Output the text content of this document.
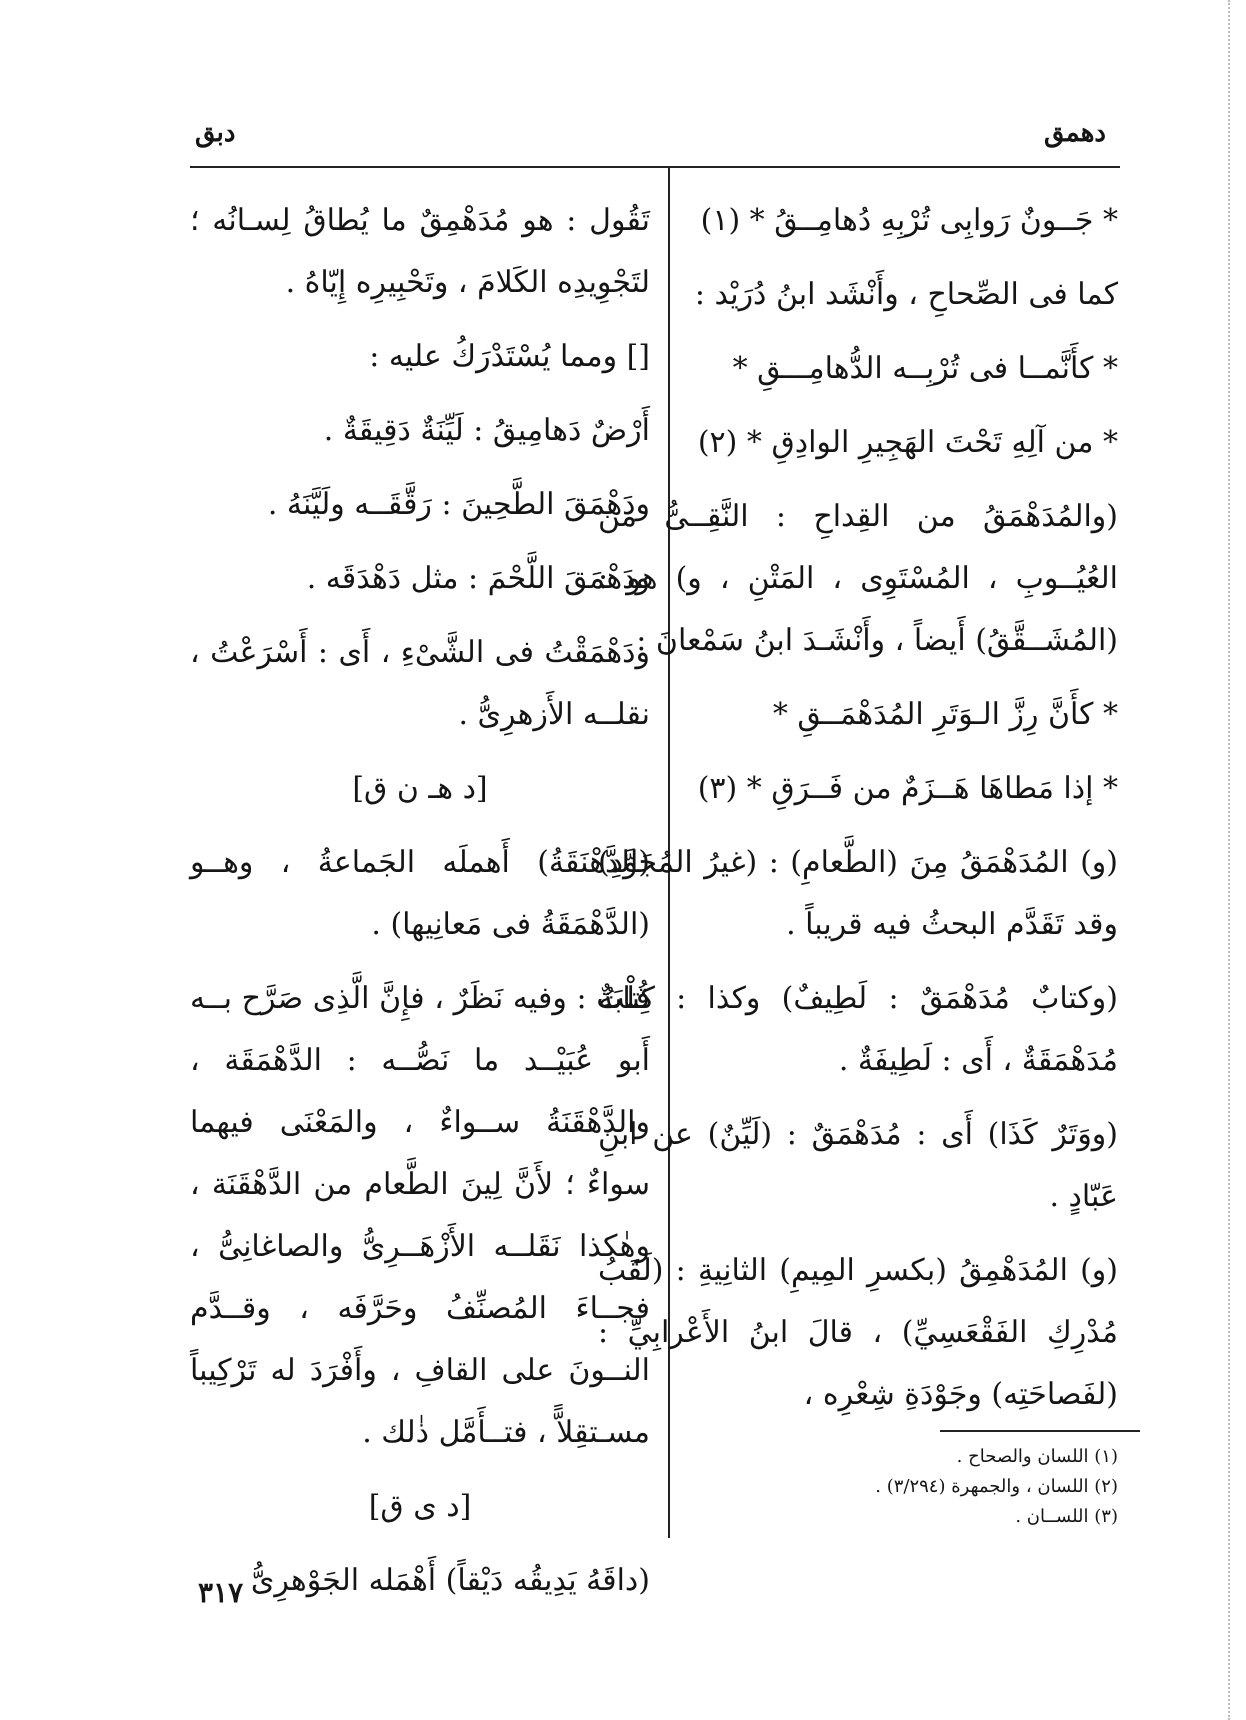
دهمق
دبق

* جَــونٌ رَوابِى تُرْبِهِ دُهامِــقُ * (١)

كما فى الصِّحاحِ ، وأَنْشَد ابنُ دُرَيْد :

* كأَنَّمــا فى تُرْبِــه الدُّهامِـــقِ *

* من آلِهِ تَحْتَ الهَجِيرِ الوادِقِ * (٢)

(والمُدَهْمَقُ من القِداحِ : النَّقِــىُّ من العُيُــوبِ ، المُسْتَوِى ، المَتْنِ ، و) هو : (المُشَــقَّقُ) أَيضاً ، وأَنْشَـدَ ابنُ سَمْعانَ :

* كأَنَّ رِزَّ الـوَتَرِ المُدَهْمَــقِ *

* إذا مَطاهَا هَــزَمٌ من فَــرَقِ * (٣)

(و) المُدَهْمَقُ مِنَ (الطَّعامِ) : (غيرُ المُجَوَّدِ) وقد تَقَدَّم البحثُ فيه قريباً .

(وكتابٌ مُدَهْمَقٌ : لَطِيفٌ) وكذا : كِتابَةٌ مُدَهْمَقَةٌ ، أَى : لَطِيفَةٌ .

(ووَتَرٌ كَذَا) أَى : مُدَهْمَقٌ : (لَيِّنٌ) عن ابنِ عَبّادٍ .

(و) المُدَهْمِقُ (بكسرِ المِيمِ) الثانِيةِ : (لَقَبُ مُدْرِكِ الفَقْعَسِيِّ) ، قالَ ابنُ الأَعْرابِيِّ : (لفَصاحَتِه) وجَوْدَةِ شِعْرِه ،

(١) اللسان والصحاح .
(٢) اللسان ، والجمهرة (٣/٢٩٤) .
(٣) اللســان .

تَقُول : هو مُدَهْمِقٌ ما يُطاقُ لِسـانُه ؛ لتَجْوِيدِه الكَلامَ ، وتَحْبِيرِه إِيّاهُ .

[] ومما يُسْتَدْرَكُ عليه :

أَرْضٌ دَهامِيقُ : لَيِّنَةٌ دَقِيقَةٌ .

ودَهْمَقَ الطَّحِينَ : رَقَّقَــه ولَيَّنَهُ .

ودَهْمَقَ اللَّحْمَ : مثل دَهْدَقَه .

ودَهْمَقْتُ فى الشَّىْءِ ، أَى : أَسْرَعْتُ ، نقلــه الأَزهرِىُّ .

[د هـ ن ق]

(الدَّهْنَقَةُ) أَهملَه الجَماعةُ ، وهــو (الدَّهْمَقَةُ فى مَعانِيها) .

قُلْتُ : وفيه نَظَرٌ ، فإِنَّ الَّذِى صَرَّح بــه أَبو عُبَيْــد ما نَصُّــه : الدَّهْمَقَة ، والدَّهْقَنَةُ ســواءٌ ، والمَعْنَى فيهما سواءٌ ؛ لأَنَّ لِينَ الطَّعام من الدَّهْقَنَة ، وهٰكذا نَقَلــه الأَزْهَــرِىُّ والصاغانِىُّ ، فجــاءَ المُصنِّفُ وحَرَّفَه ، وقــدَّم النــونَ على القافِ ، وأَفْرَدَ له تَرْكِيباً مسـتقِلاًّ ، فتــأَمَّل ذٰلك .

[د ى ق]

(داقَهُ يَدِيقُه دَيْقاً) أَهْمَله الجَوْهرِىُّ

٣١٧
